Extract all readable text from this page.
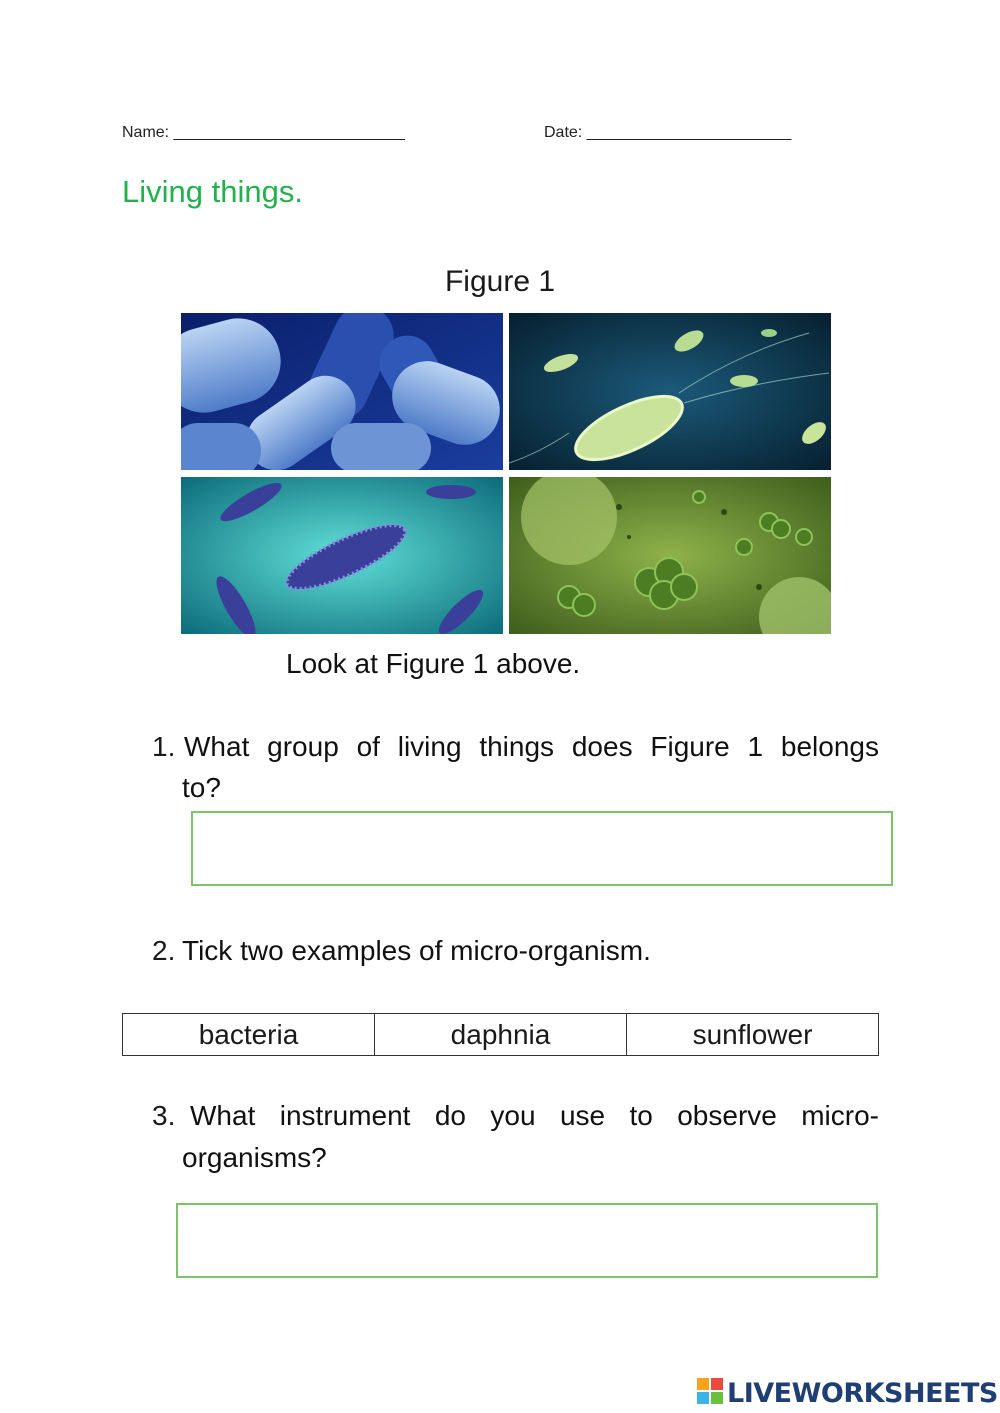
Name: __________________________	Date: _______________________
Living things.
Figure 1
Look at Figure 1 above.
1. What group of living things does Figure 1 belongs
to?
2. Tick two examples of micro-organism.
bacteria	daphnia	sunflower
3. What instrument do you use to observe micro-
organisms?
LIVEWORKSHEETS
